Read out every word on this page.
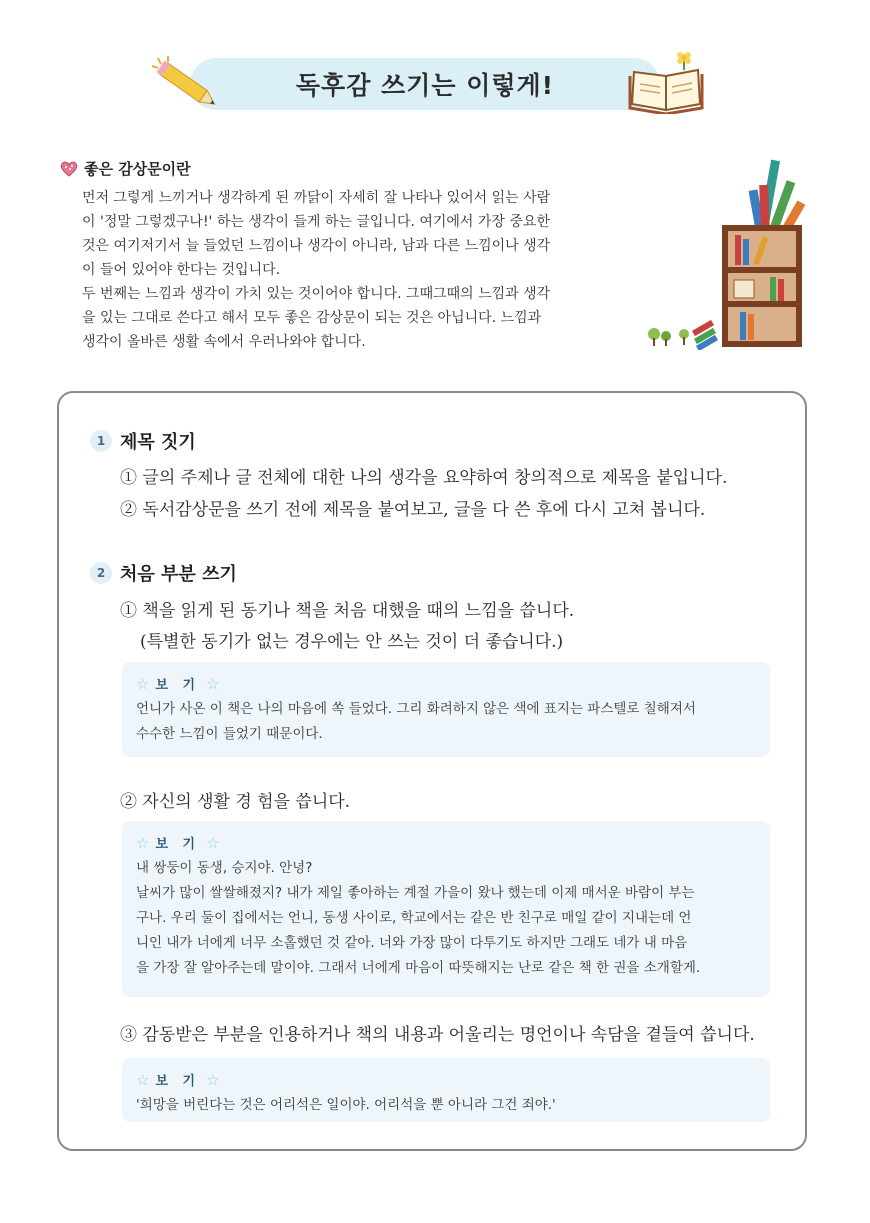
독후감 쓰기는 이렇게!
좋은 감상문이란
먼저 그렇게 느끼거나 생각하게 된 까닭이 자세히 잘 나타나 있어서 읽는 사람
이 '정말 그렇겠구나!' 하는 생각이 들게 하는 글입니다. 여기에서 가장 중요한
것은 여기저기서 늘 들었던 느낌이나 생각이 아니라, 남과 다른 느낌이나 생각
이 들어 있어야 한다는 것입니다.
두 번째는 느낌과 생각이 가치 있는 것이어야 합니다. 그때그때의 느낌과 생각
을 있는 그대로 쓴다고 해서 모두 좋은 감상문이 되는 것은 아닙니다. 느낌과
생각이 올바른 생활 속에서 우러나와야 합니다.
1 제목 짓기
① 글의 주제나 글 전체에 대한 나의 생각을 요약하여 창의적으로 제목을 붙입니다.
② 독서감상문을 쓰기 전에 제목을 붙여보고, 글을 다 쓴 후에 다시 고쳐 봅니다.
2 처음 부분 쓰기
① 책을 읽게 된 동기나 책을 처음 대했을 때의 느낌을 씁니다.
(특별한 동기가 없는 경우에는 안 쓰는 것이 더 좋습니다.)
☆ 보 기 ☆
언니가 사온 이 책은 나의 마음에 쏙 들었다. 그리 화려하지 않은 색에 표지는 파스텔로 칠해져서
수수한 느낌이 들었기 때문이다.
② 자신의 생활 경 험을 씁니다.
☆ 보 기 ☆
내 쌍둥이 동생, 승지야. 안녕?
날씨가 많이 쌀쌀해졌지? 내가 제일 좋아하는 계절 가을이 왔나 했는데 이제 매서운 바람이 부는
구나. 우리 둘이 집에서는 언니, 동생 사이로, 학교에서는 같은 반 친구로 매일 같이 지내는데 언
니인 내가 너에게 너무 소홀했던 것 같아. 너와 가장 많이 다투기도 하지만 그래도 네가 내 마음
을 가장 잘 알아주는데 말이야. 그래서 너에게 마음이 따뜻해지는 난로 같은 책 한 권을 소개할게.
③ 감동받은 부분을 인용하거나 책의 내용과 어울리는 명언이나 속담을 곁들여 씁니다.
☆ 보 기 ☆
'희망을 버린다는 것은 어리석은 일이야. 어리석을 뿐 아니라 그건 죄야.'
